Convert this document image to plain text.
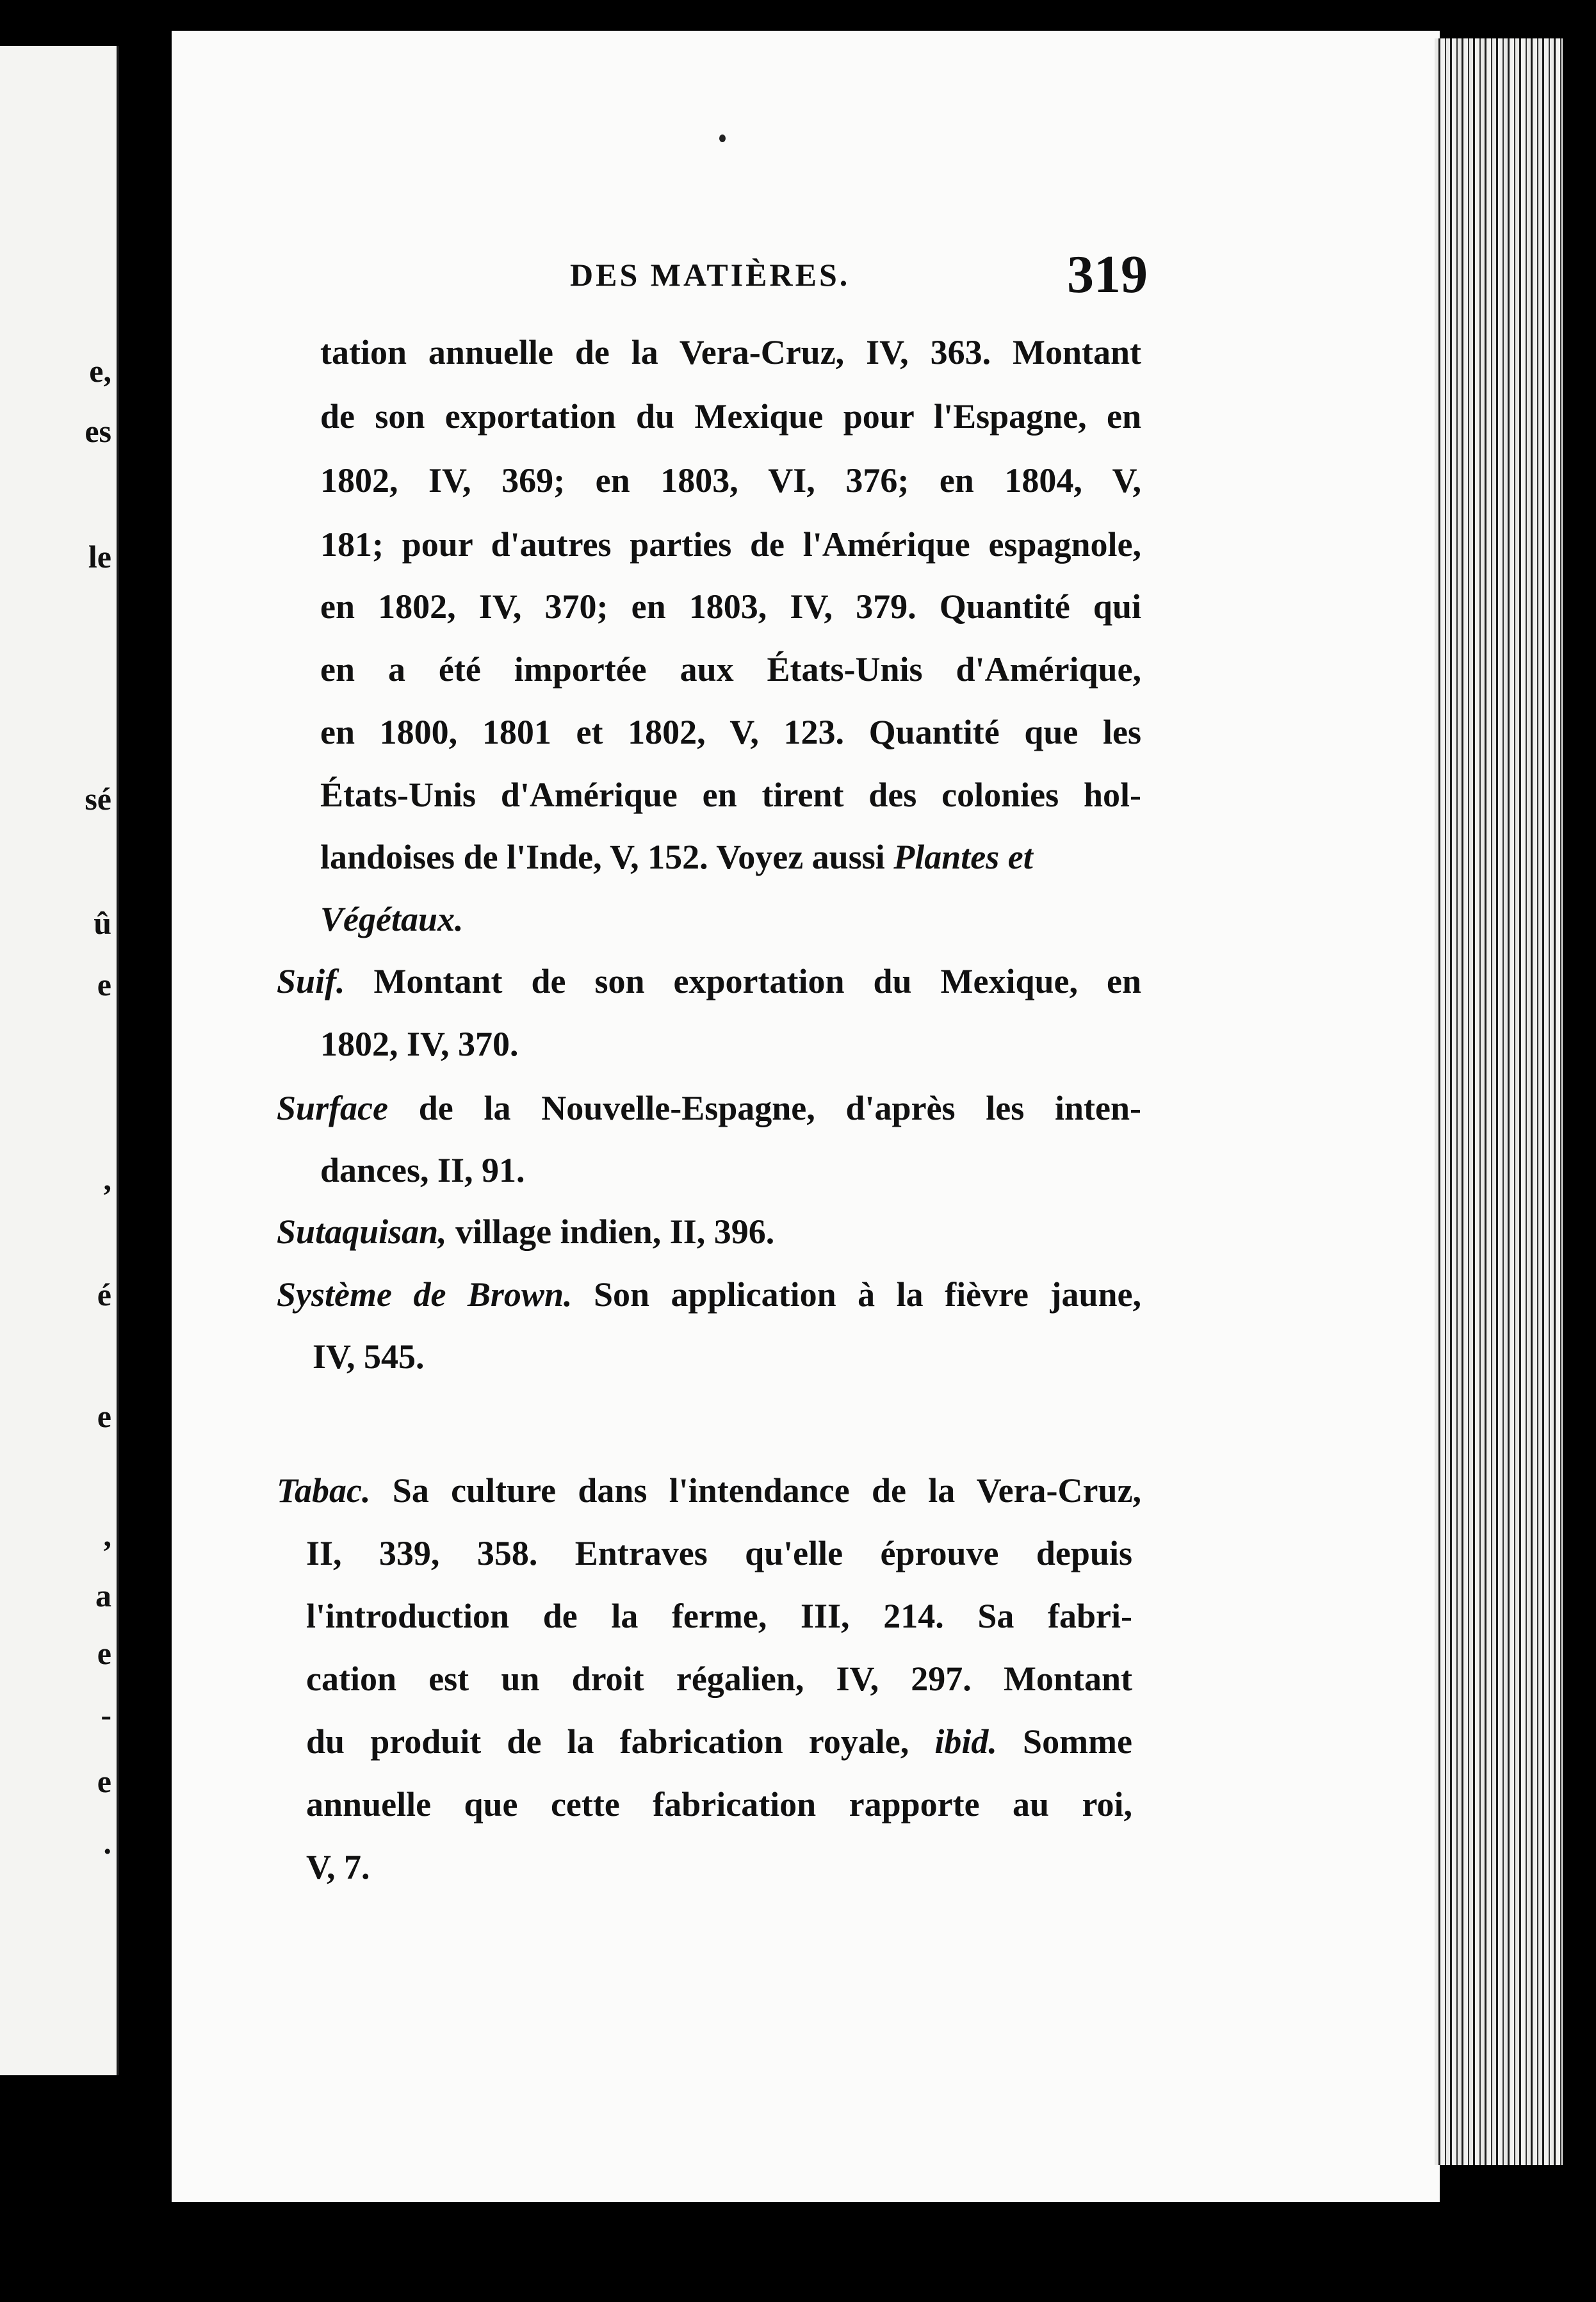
e,
es
le
sé
û
e
,
é
e
,
a
e
-
e
.
DES MATIÈRES.	319
tation annuelle de la Vera-Cruz, IV, 363. Montant
de son exportation du Mexique pour l'Espagne, en
1802, IV, 369; en 1803, VI, 376; en 1804, V,
181; pour d'autres parties de l'Amérique espagnole,
en 1802, IV, 370; en 1803, IV, 379. Quantité qui
en a été importée aux États-Unis d'Amérique,
en 1800, 1801 et 1802, V, 123. Quantité que les
États-Unis d'Amérique en tirent des colonies hol-
landoises de l'Inde, V, 152. Voyez aussi Plantes et
Végétaux.
Suif. Montant de son exportation du Mexique, en
1802, IV, 370.
Surface de la Nouvelle-Espagne, d'après les inten-
dances, II, 91.
Sutaquisan, village indien, II, 396.
Système de Brown. Son application à la fièvre jaune,
IV, 545.
Tabac. Sa culture dans l'intendance de la Vera-Cruz,
II, 339, 358. Entraves qu'elle éprouve depuis
l'introduction de la ferme, III, 214. Sa fabri-
cation est un droit régalien, IV, 297. Montant
du produit de la fabrication royale, ibid. Somme
annuelle que cette fabrication rapporte au roi,
V, 7.
